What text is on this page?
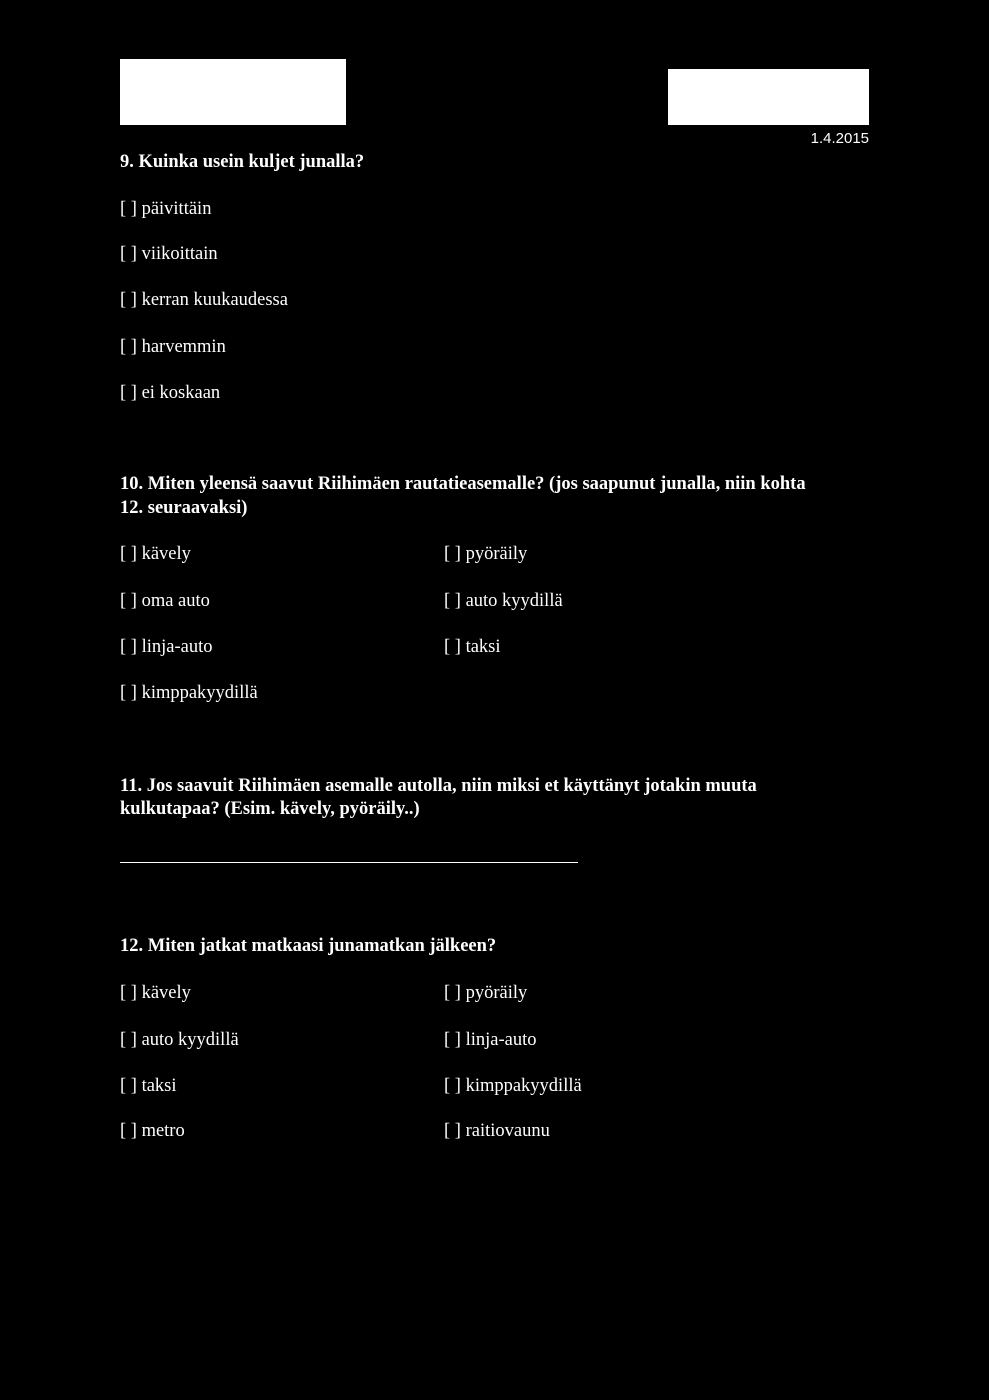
1.4.2015
9. Kuinka usein kuljet junalla?
[ ] päivittäin
[ ] viikoittain
[ ] kerran kuukaudessa
[ ] harvemmin
[ ] ei koskaan
10. Miten yleensä saavut Riihimäen rautatieasemalle? (jos saapunut junalla, niin kohta
12. seuraavaksi)
[ ] kävely
[ ] oma auto
[ ] linja-auto
[ ] kimppakyydillä
[ ] pyöräily
[ ] auto kyydillä
[ ] taksi
11. Jos saavuit Riihimäen asemalle autolla, niin miksi et käyttänyt jotakin muuta
kulkutapaa? (Esim. kävely, pyöräily..)
12. Miten jatkat matkaasi junamatkan jälkeen?
[ ] kävely
[ ] auto kyydillä
[ ] taksi
[ ] metro
[ ] pyöräily
[ ] linja-auto
[ ] kimppakyydillä
[ ] raitiovaunu
